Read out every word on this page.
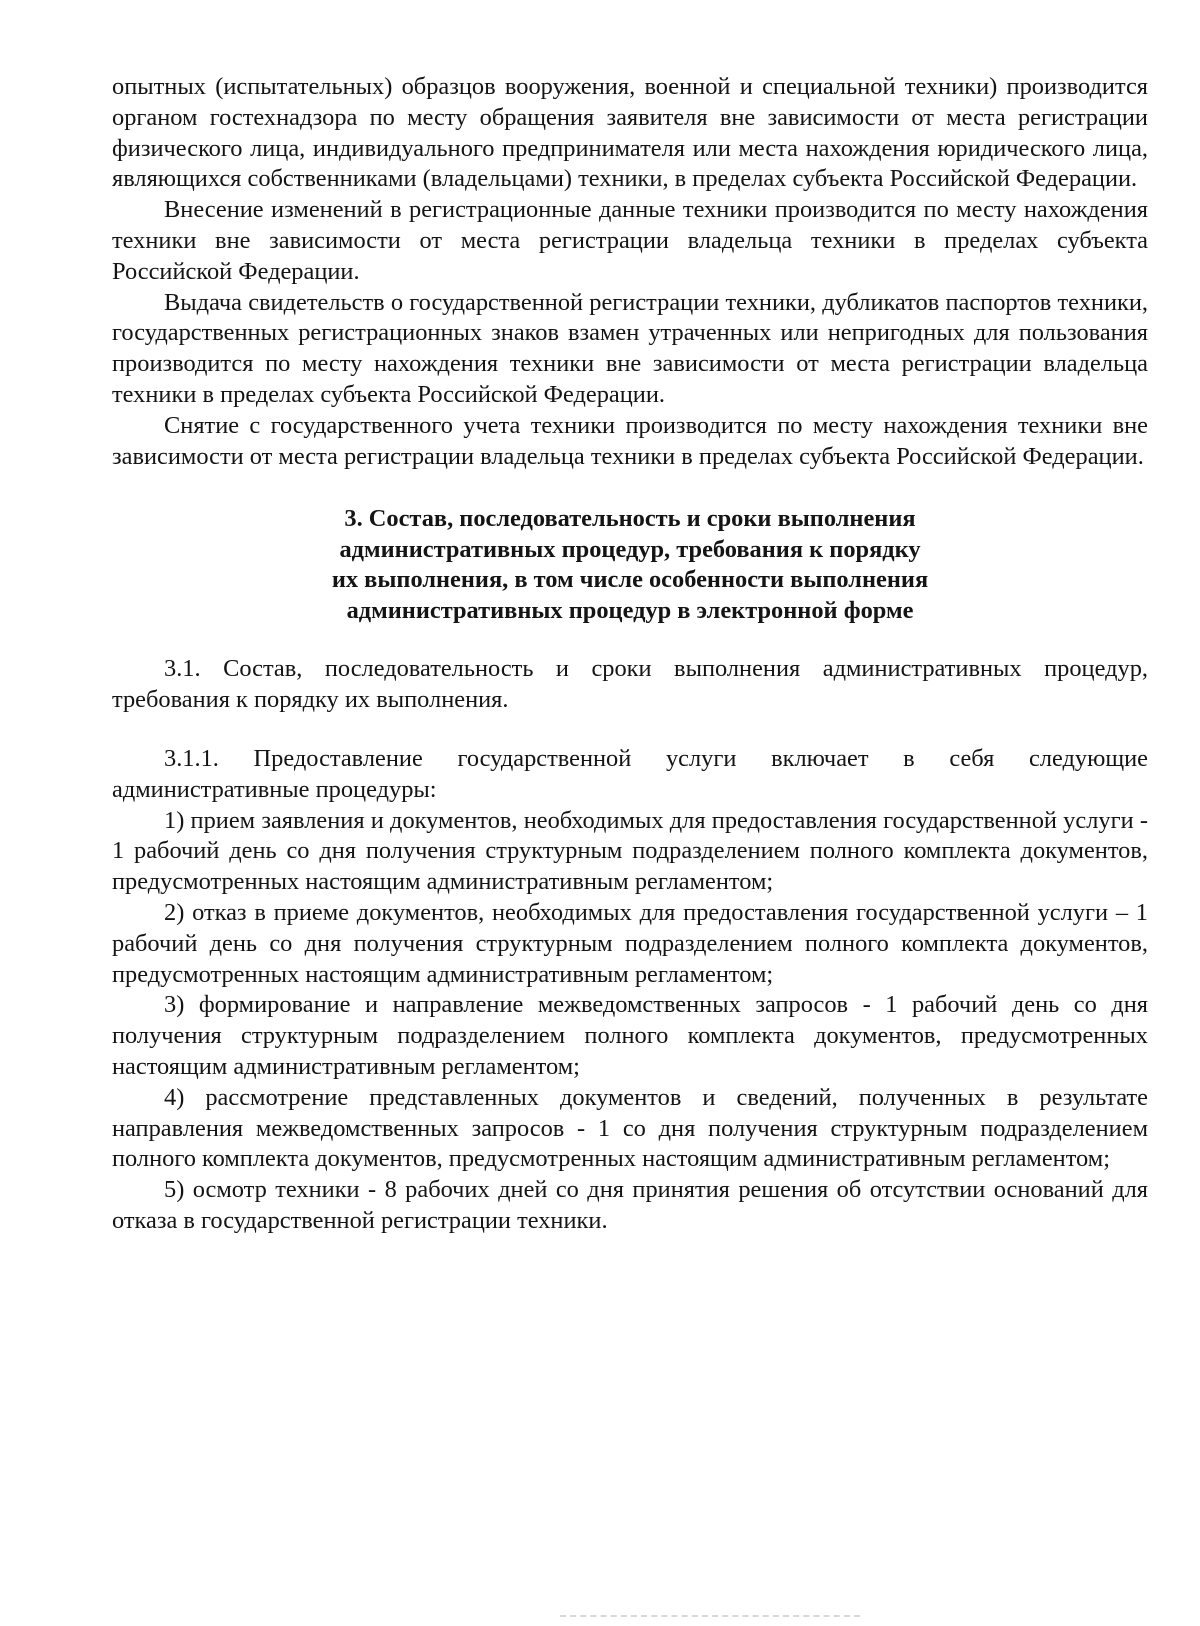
опытных (испытательных) образцов вооружения, военной и специальной техники) производится органом гостехнадзора по месту обращения заявителя вне зависимости от места регистрации физического лица, индивидуального предпринимателя или места нахождения юридического лица, являющихся собственниками (владельцами) техники, в пределах субъекта Российской Федерации.

Внесение изменений в регистрационные данные техники производится по месту нахождения техники вне зависимости от места регистрации владельца техники в пределах субъекта Российской Федерации.

Выдача свидетельств о государственной регистрации техники, дубликатов паспортов техники, государственных регистрационных знаков взамен утраченных или непригодных для пользования производится по месту нахождения техники вне зависимости от места регистрации владельца техники в пределах субъекта Российской Федерации.

Снятие с государственного учета техники производится по месту нахождения техники вне зависимости от места регистрации владельца техники в пределах субъекта Российской Федерации.

3. Состав, последовательность и сроки выполнения
административных процедур, требования к порядку
их выполнения, в том числе особенности выполнения
административных процедур в электронной форме

3.1. Состав, последовательность и сроки выполнения административных процедур, требования к порядку их выполнения.

3.1.1. Предоставление государственной услуги включает в себя следующие административные процедуры:

1) прием заявления и документов, необходимых для предоставления государственной услуги - 1 рабочий день со дня получения структурным подразделением полного комплекта документов, предусмотренных настоящим административным регламентом;

2) отказ в приеме документов, необходимых для предоставления государственной услуги – 1 рабочий день со дня получения структурным подразделением полного комплекта документов, предусмотренных настоящим административным регламентом;

3) формирование и направление межведомственных запросов - 1 рабочий день со дня получения структурным подразделением полного комплекта документов, предусмотренных настоящим административным регламентом;

4) рассмотрение представленных документов и сведений, полученных в результате направления межведомственных запросов - 1 со дня получения структурным подразделением полного комплекта документов, предусмотренных настоящим административным регламентом;

5) осмотр техники - 8 рабочих дней со дня принятия решения об отсутствии оснований для отказа в государственной регистрации техники.
